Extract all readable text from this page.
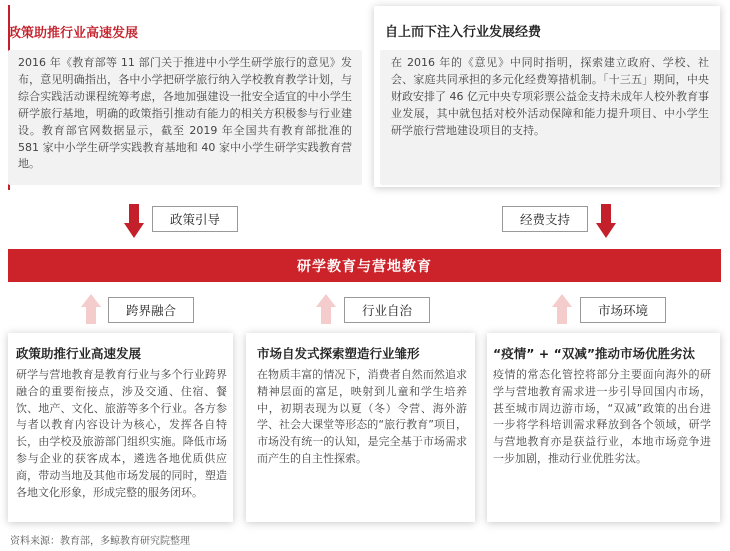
政策助推行业高速发展
2016 年《教育部等 11 部门关于推进中小学生研学旅行的意见》发布，意见明确指出，各中小学把研学旅行纳入学校教育教学计划，与综合实践活动课程统筹考虑，各地加强建设一批安全适宜的中小学生研学旅行基地，明确的政策指引推动有能力的相关方积极参与行业建设。教育部官网数据显示，截至 2019 年全国共有教育部批准的 581 家中小学生研学实践教育基地和 40 家中小学生研学实践教育营地。
自上而下注入行业发展经费
在 2016 年的《意见》中同时指明，探索建立政府、学校、社会、家庭共同承担的多元化经费筹措机制。「十三五」期间，中央财政安排了 46 亿元中央专项彩票公益金支持未成年人校外教育事业发展，其中就包括对校外活动保障和能力提升项目、中小学生研学旅行营地建设项目的支持。
政策引导	经费支持
研学教育与营地教育
跨界融合	行业自治	市场环境
政策助推行业高速发展
研学与营地教育是教育行业与多个行业跨界融合的重要衔接点，涉及交通、住宿、餐饮、地产、文化、旅游等多个行业。各方参与者以教育内容设计为核心，发挥各自特长，由学校及旅游部门组织实施。降低市场参与企业的获客成本，遴选各地优质供应商，带动当地及其他市场发展的同时，塑造各地文化形象，形成完整的服务闭环。
市场自发式探索塑造行业雏形
在物质丰富的情况下，消费者自然而然追求精神层面的富足，映射到儿童和学生培养中，初期表现为以夏（冬）令营、海外游学、社会大课堂等形态的“旅行教育”项目，市场没有统一的认知，是完全基于市场需求而产生的自主性探索。
“疫情” + “双减”推动市场优胜劣汰
疫情的常态化管控将部分主要面向海外的研学与营地教育需求进一步引导回国内市场，甚至城市周边游市场，“双减”政策的出台进一步将学科培训需求释放到各个领域，研学与营地教育亦是获益行业，本地市场竞争进一步加剧，推动行业优胜劣汰。
资料来源：教育部，多鲸教育研究院整理
